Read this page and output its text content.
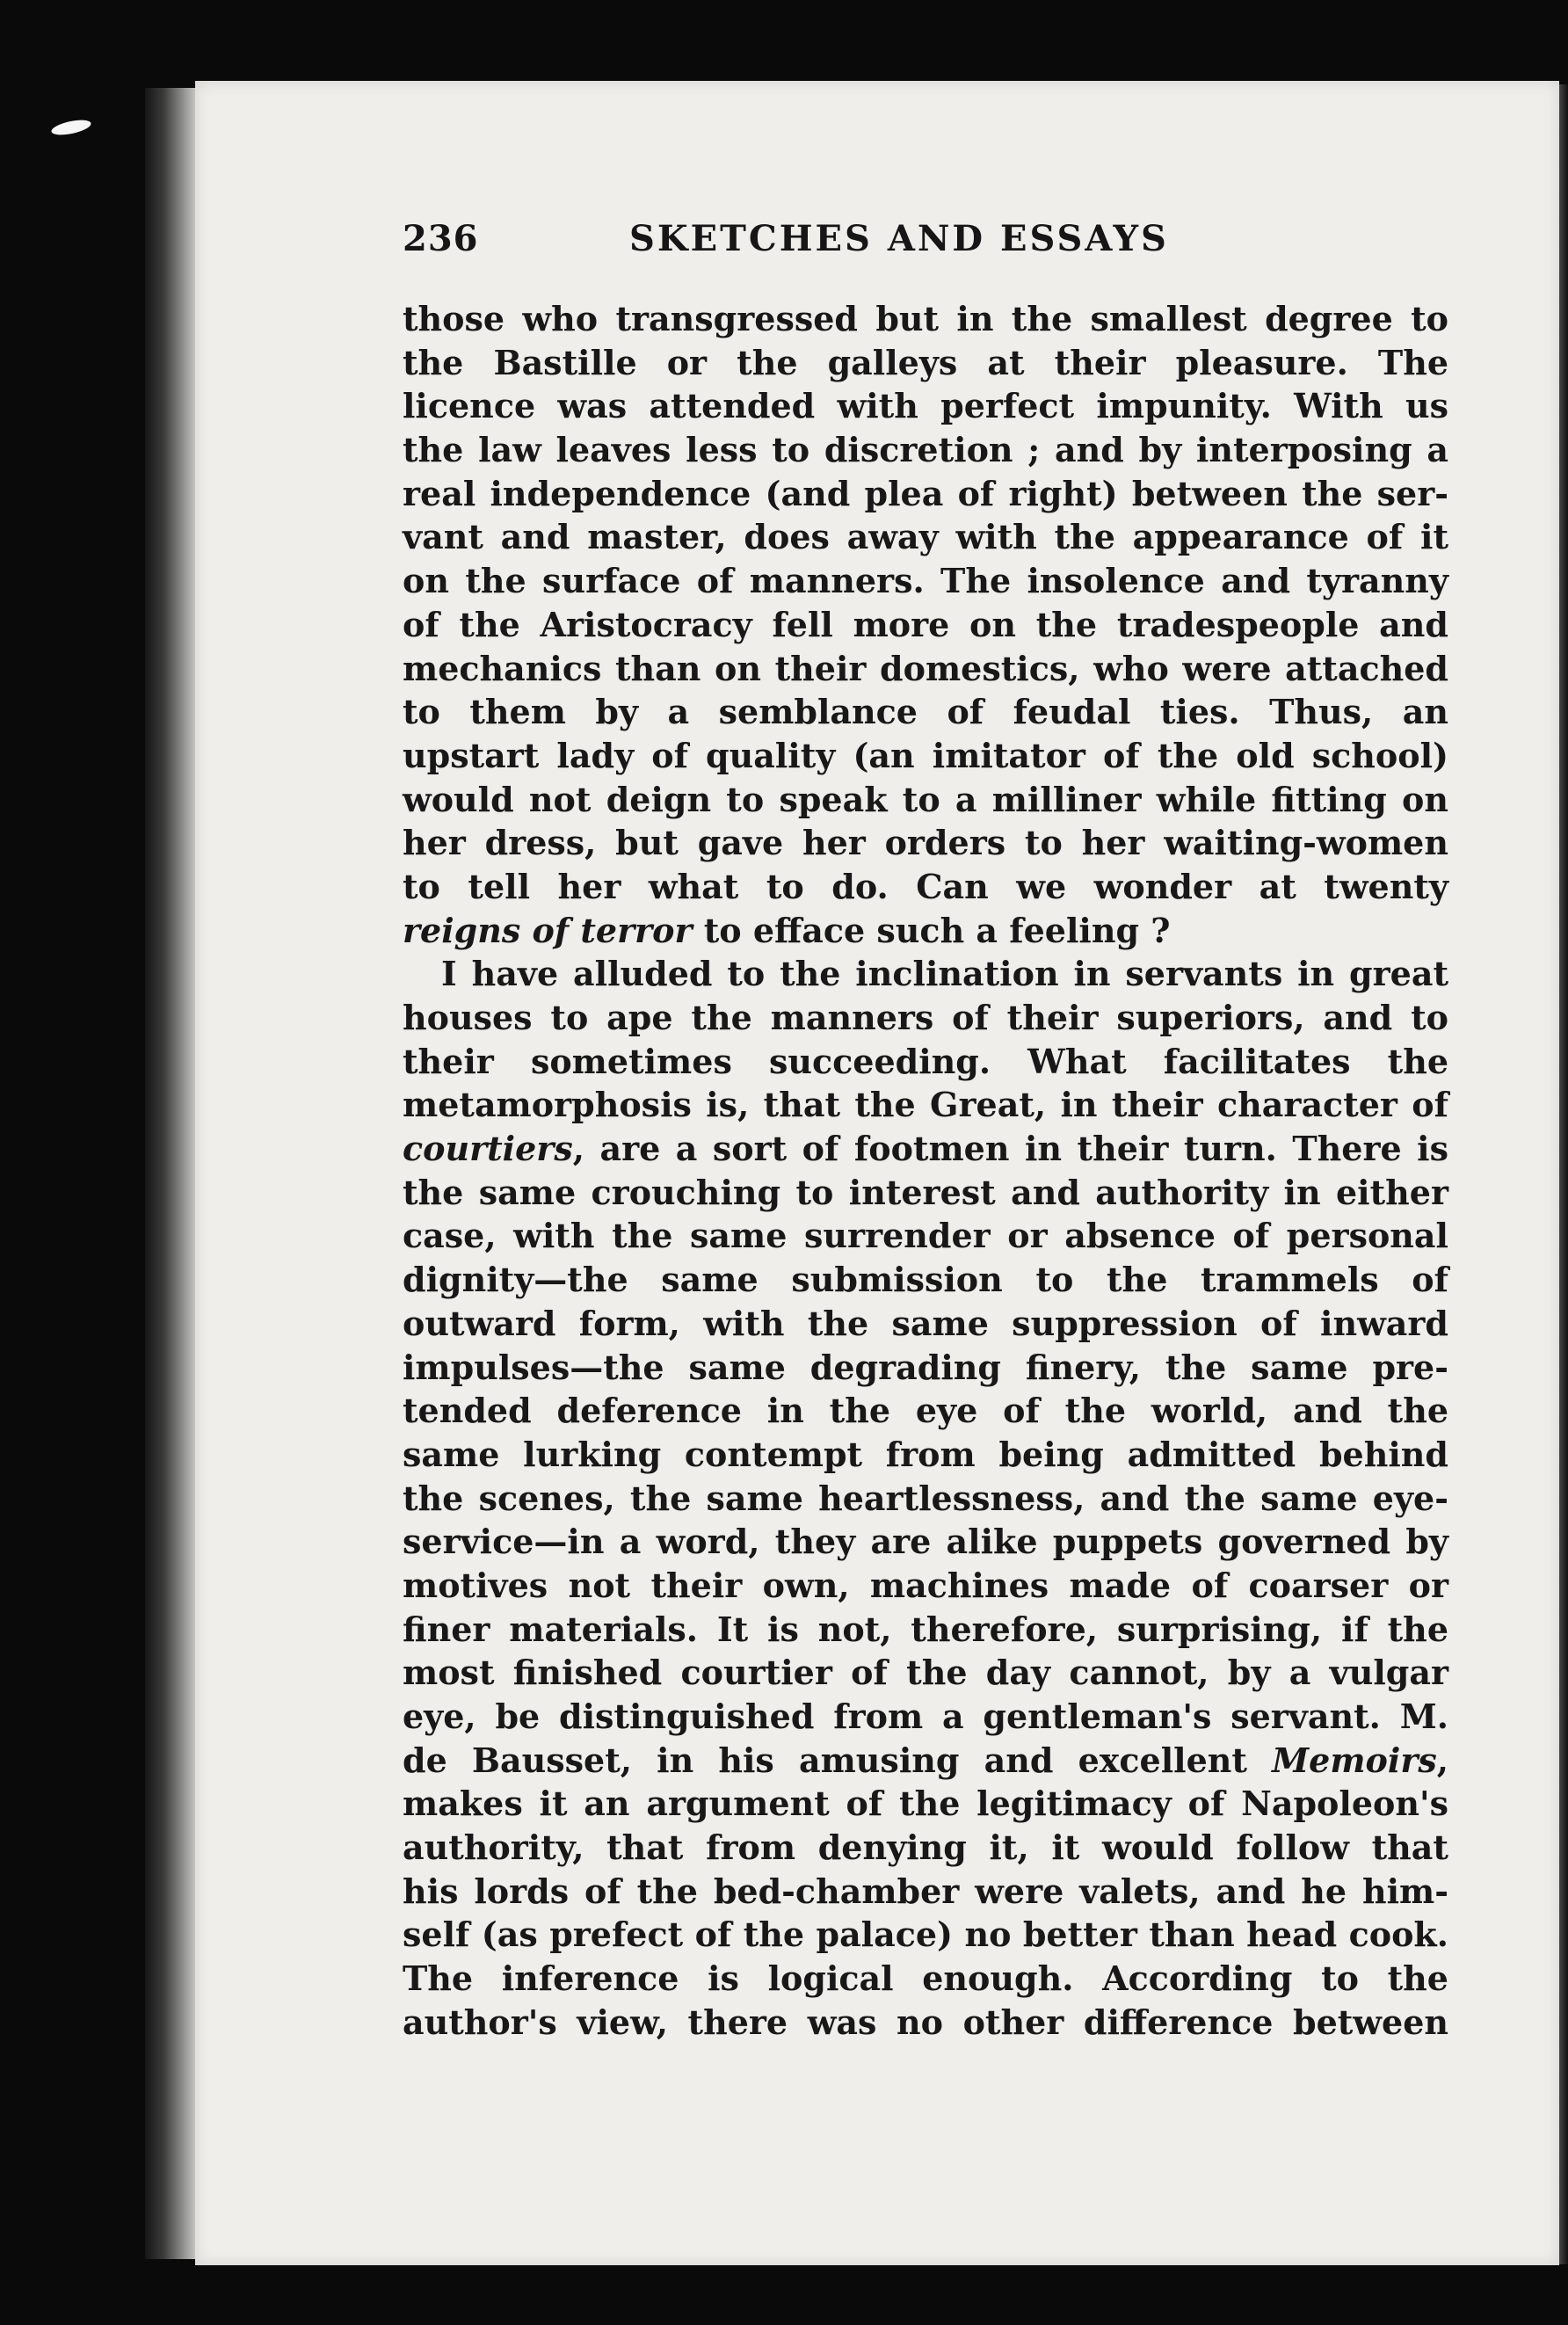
236	SKETCHES AND ESSAYS
those who transgressed but in the smallest degree to
the Bastille or the galleys at their pleasure. The
licence was attended with perfect impunity. With us
the law leaves less to discretion ; and by interposing a
real independence (and plea of right) between the ser-
vant and master, does away with the appearance of it
on the surface of manners. The insolence and tyranny
of the Aristocracy fell more on the tradespeople and
mechanics than on their domestics, who were attached
to them by a semblance of feudal ties. Thus, an
upstart lady of quality (an imitator of the old school)
would not deign to speak to a milliner while fitting on
her dress, but gave her orders to her waiting-women
to tell her what to do. Can we wonder at twenty
reigns of terror to efface such a feeling ?
I have alluded to the inclination in servants in great
houses to ape the manners of their superiors, and to
their sometimes succeeding. What facilitates the
metamorphosis is, that the Great, in their character of
courtiers, are a sort of footmen in their turn. There is
the same crouching to interest and authority in either
case, with the same surrender or absence of personal
dignity—the same submission to the trammels of
outward form, with the same suppression of inward
impulses—the same degrading finery, the same pre-
tended deference in the eye of the world, and the
same lurking contempt from being admitted behind
the scenes, the same heartlessness, and the same eye-
service—in a word, they are alike puppets governed by
motives not their own, machines made of coarser or
finer materials. It is not, therefore, surprising, if the
most finished courtier of the day cannot, by a vulgar
eye, be distinguished from a gentleman's servant. M.
de Bausset, in his amusing and excellent Memoirs,
makes it an argument of the legitimacy of Napoleon's
authority, that from denying it, it would follow that
his lords of the bed-chamber were valets, and he him-
self (as prefect of the palace) no better than head cook.
The inference is logical enough. According to the
author's view, there was no other difference between
